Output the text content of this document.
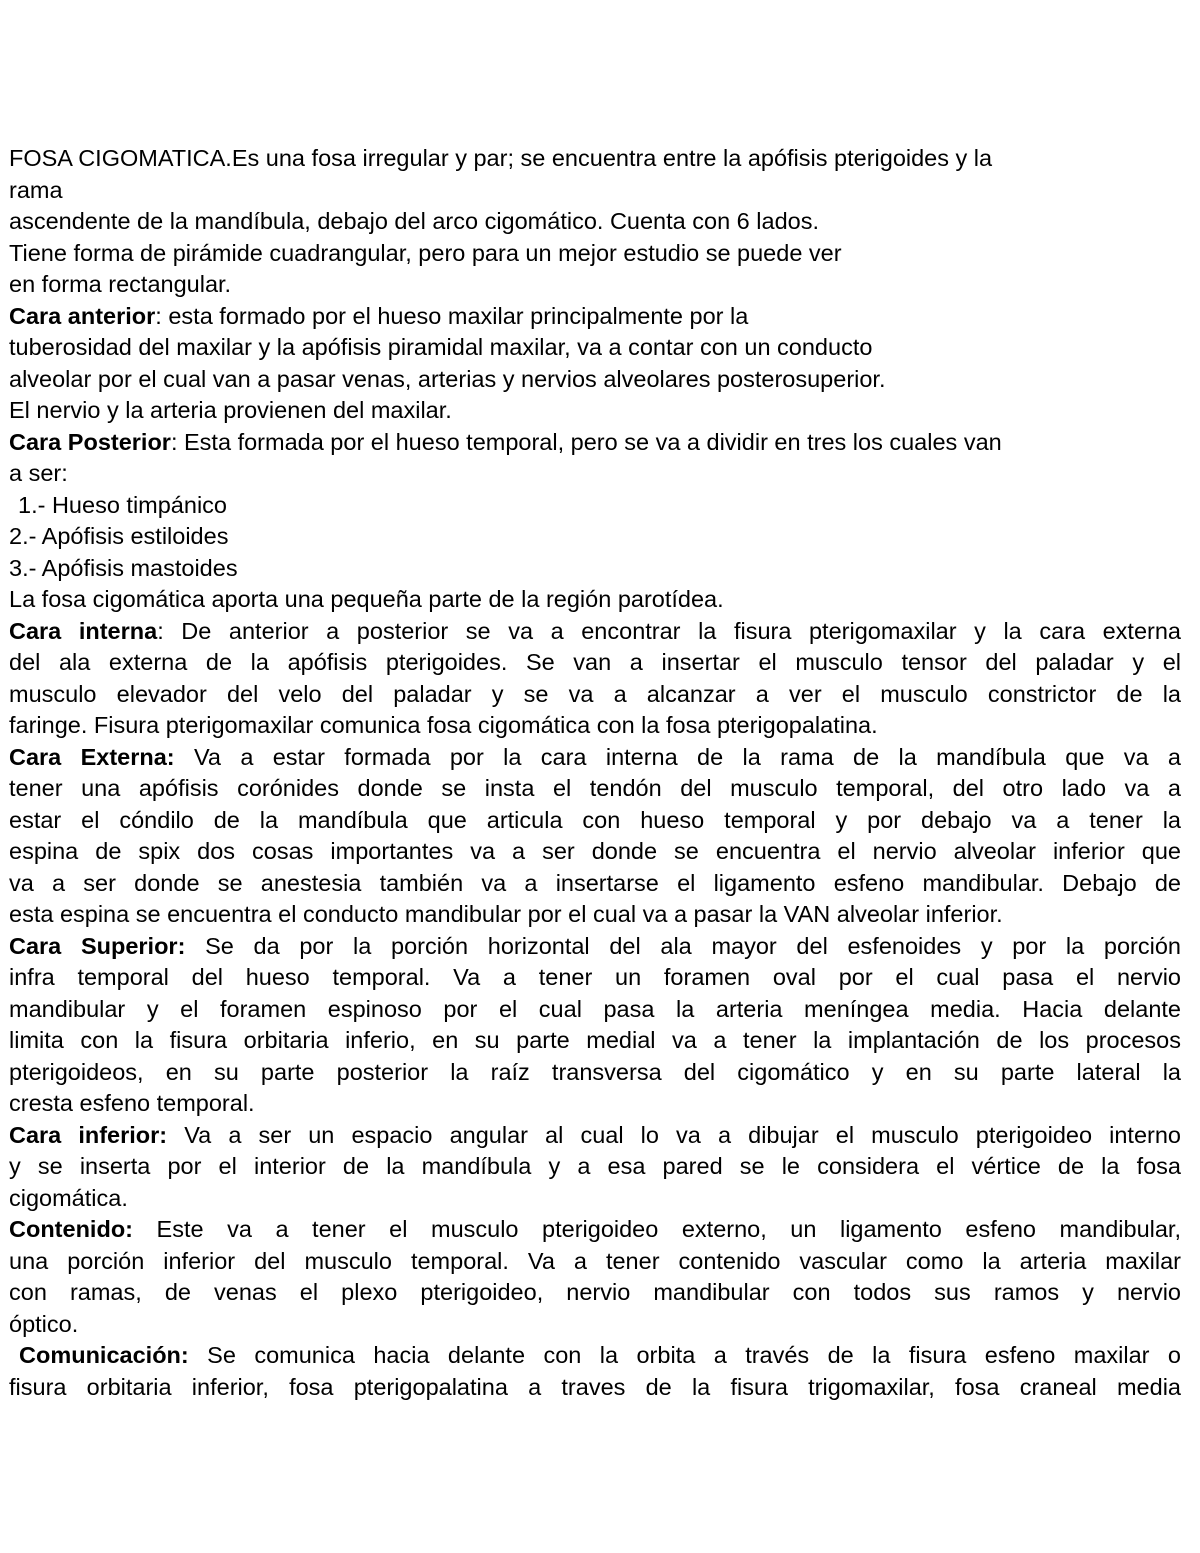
FOSA CIGOMATICA.Es una fosa irregular y par; se encuentra entre la apófisis pterigoides y la
rama
ascendente de la mandíbula, debajo del arco cigomático. Cuenta con 6 lados.
Tiene forma de pirámide cuadrangular, pero para un mejor estudio se puede ver
en forma rectangular.
Cara anterior: esta formado por el hueso maxilar principalmente por la
tuberosidad del maxilar y la apófisis piramidal maxilar, va a contar con un conducto
alveolar por el cual van a pasar venas, arterias y nervios alveolares posterosuperior.
El nervio y la arteria provienen del maxilar.
Cara Posterior: Esta formada por el hueso temporal, pero se va a dividir en tres los cuales van
a ser:
1.- Hueso timpánico
2.- Apófisis estiloides
3.- Apófisis mastoides
La fosa cigomática aporta una pequeña parte de la región parotídea.
Cara interna: De anterior a posterior se va a encontrar la fisura pterigomaxilar y la cara externa
del ala externa de la apófisis pterigoides. Se van a insertar el musculo tensor del paladar y el
musculo elevador del velo del paladar y se va a alcanzar a ver el musculo constrictor de la
faringe. Fisura pterigomaxilar comunica fosa cigomática con la fosa pterigopalatina.
Cara Externa: Va a estar formada por la cara interna de la rama de la mandíbula que va a
tener una apófisis corónides donde se insta el tendón del musculo temporal, del otro lado va a
estar el cóndilo de la mandíbula que articula con hueso temporal y por debajo va a tener la
espina de spix dos cosas importantes va a ser donde se encuentra el nervio alveolar inferior que
va a ser donde se anestesia también va a insertarse el ligamento esfeno mandibular. Debajo de
esta espina se encuentra el conducto mandibular por el cual va a pasar la VAN alveolar inferior.
Cara Superior: Se da por la porción horizontal del ala mayor del esfenoides y por la porción
infra temporal del hueso temporal. Va a tener un foramen oval por el cual pasa el nervio
mandibular y el foramen espinoso por el cual pasa la arteria meníngea media. Hacia delante
limita con la fisura orbitaria inferio, en su parte medial va a tener la implantación de los procesos
pterigoideos, en su parte posterior la raíz transversa del cigomático y en su parte lateral la
cresta esfeno temporal.
Cara inferior: Va a ser un espacio angular al cual lo va a dibujar el musculo pterigoideo interno
y se inserta por el interior de la mandíbula y a esa pared se le considera el vértice de la fosa
cigomática.
Contenido: Este va a tener el musculo pterigoideo externo, un ligamento esfeno mandibular,
una porción inferior del musculo temporal. Va a tener contenido vascular como la arteria maxilar
con ramas, de venas el plexo pterigoideo, nervio mandibular con todos sus ramos y nervio
óptico.
Comunicación: Se comunica hacia delante con la orbita a través de la fisura esfeno maxilar o
fisura orbitaria inferior, fosa pterigopalatina a traves de la fisura trigomaxilar, fosa craneal media
